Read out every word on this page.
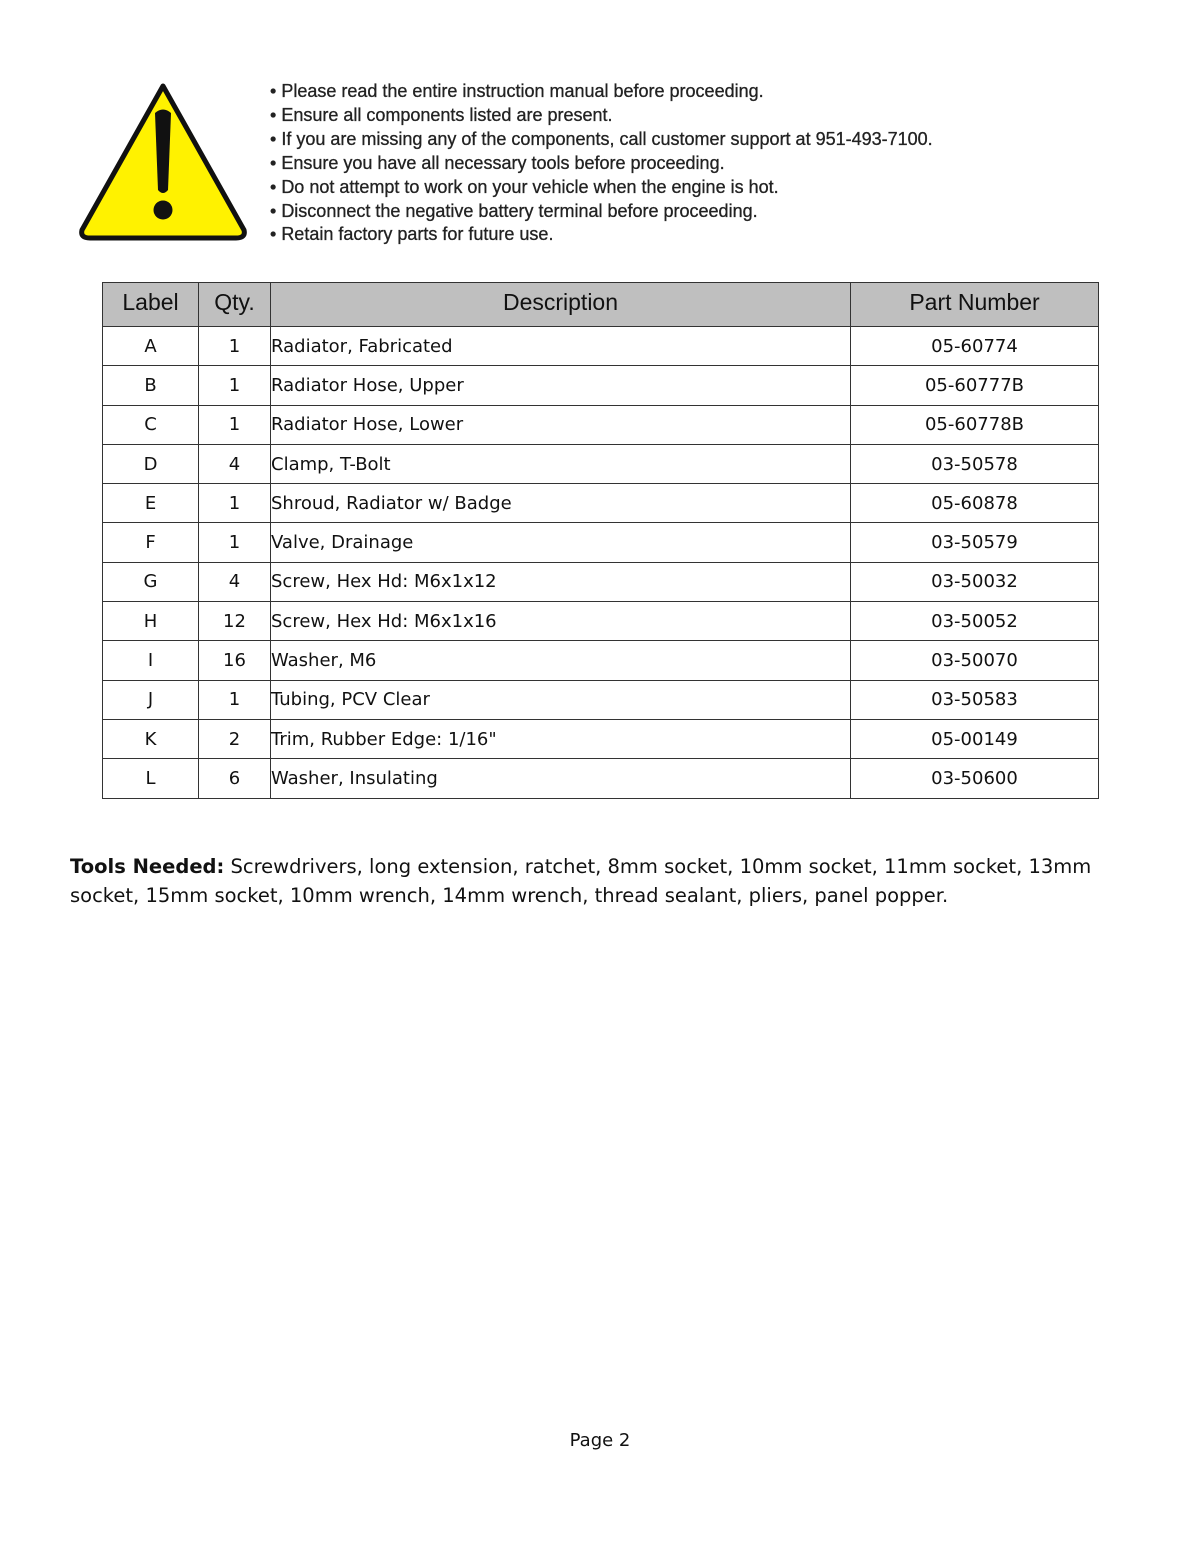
• Please read the entire instruction manual before proceeding.
• Ensure all components listed are present.
• If you are missing any of the components, call customer support at 951-493-7100.
• Ensure you have all necessary tools before proceeding.
• Do not attempt to work on your vehicle when the engine is hot.
• Disconnect the negative battery terminal before proceeding.
• Retain factory parts for future use.
Label	Qty.	Description	Part Number
A	1	Radiator, Fabricated	05-60774
B	1	Radiator Hose, Upper	05-60777B
C	1	Radiator Hose, Lower	05-60778B
D	4	Clamp, T-Bolt	03-50578
E	1	Shroud, Radiator w/ Badge	05-60878
F	1	Valve, Drainage	03-50579
G	4	Screw, Hex Hd: M6x1x12	03-50032
H	12	Screw, Hex Hd: M6x1x16	03-50052
I	16	Washer, M6	03-50070
J	1	Tubing, PCV Clear	03-50583
K	2	Trim, Rubber Edge: 1/16"	05-00149
L	6	Washer, Insulating	03-50600

Tools Needed: Screwdrivers, long extension, ratchet, 8mm socket, 10mm socket, 11mm socket, 13mm socket, 15mm socket, 10mm wrench, 14mm wrench, thread sealant, pliers, panel popper.

Page 2
